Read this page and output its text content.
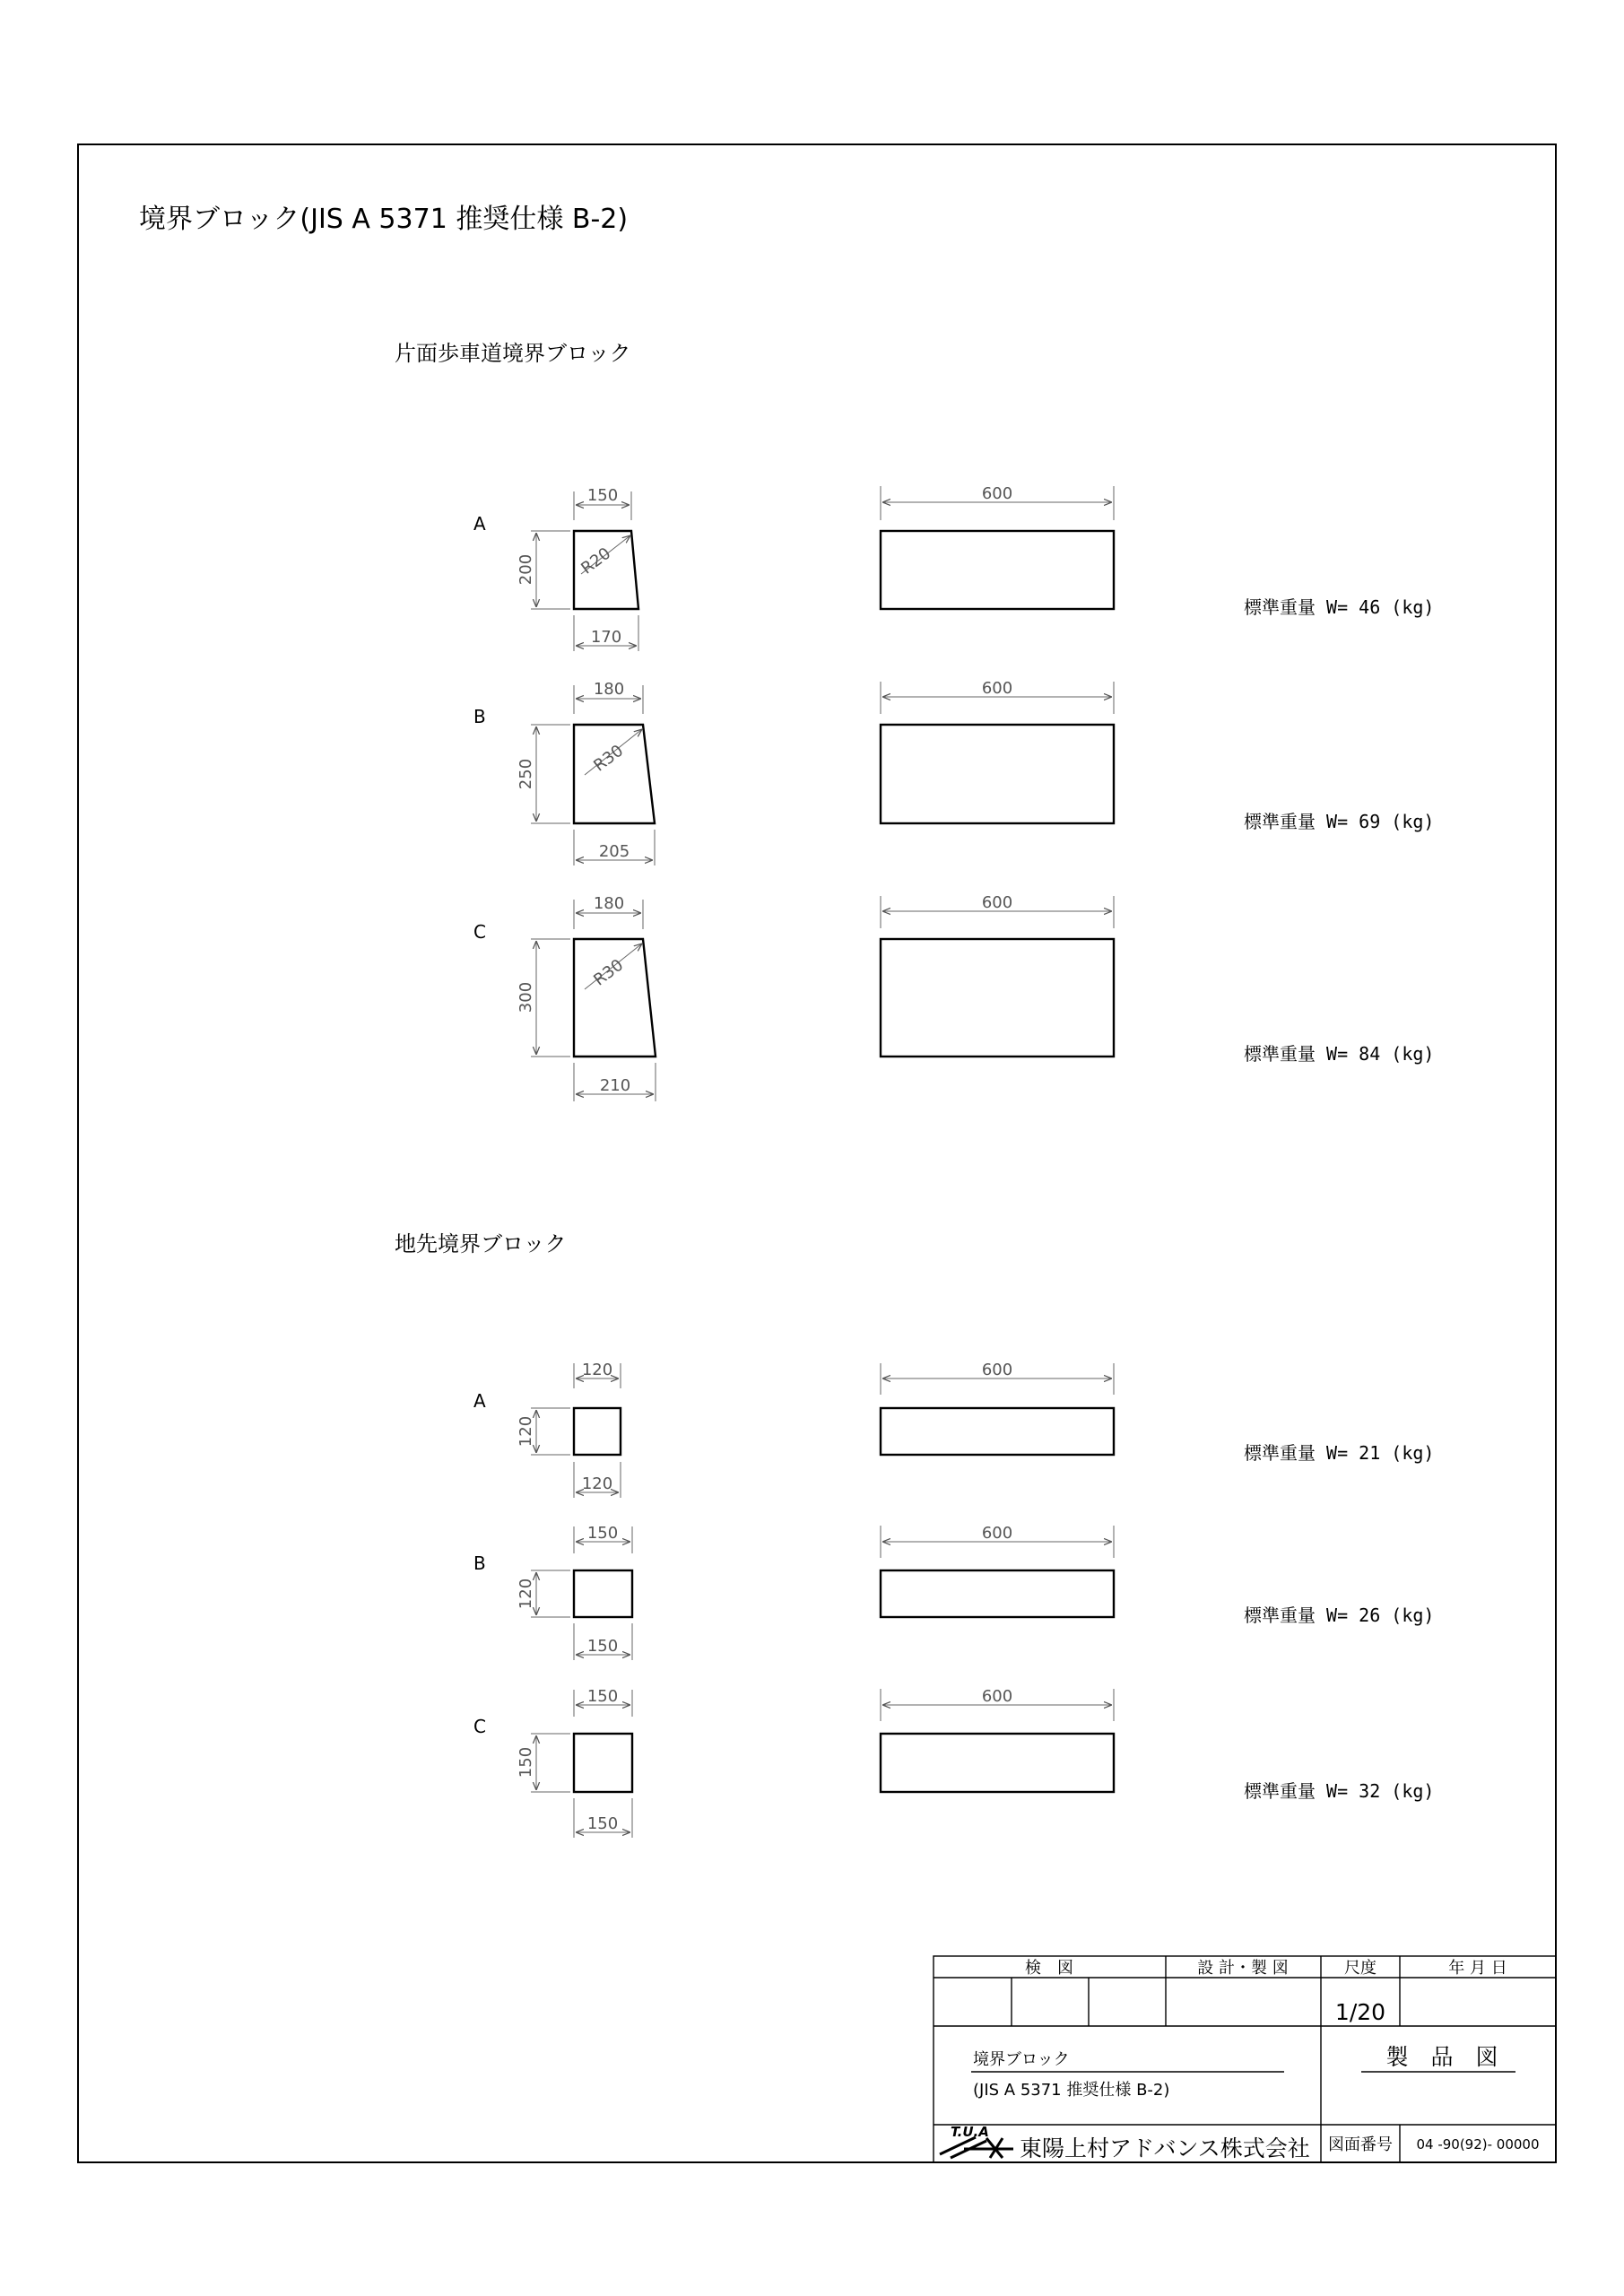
境界ブロック(JIS A 5371 推奨仕様 B-2)
片面歩車道境界ブロック
地先境界ブロック
A
150
R20
200
170
600
標準重量 W= 46 (kg)
B
180
R30
250
205
600
標準重量 W= 69 (kg)
C
180
R30
300
210
600
標準重量 W= 84 (kg)
A
120
120
120
600
標準重量 W= 21 (kg)
B
150
120
150
600
標準重量 W= 26 (kg)
C
150
150
150
600
標準重量 W= 32 (kg)
検　図	設 計・製 図	尺度	年 月 日
1/20
境界ブロック
(JIS A 5371 推奨仕様 B-2)
製　品　図
T.U.A
東陽上村アドバンス株式会社 図面番号 04 -90(92)- 00000
